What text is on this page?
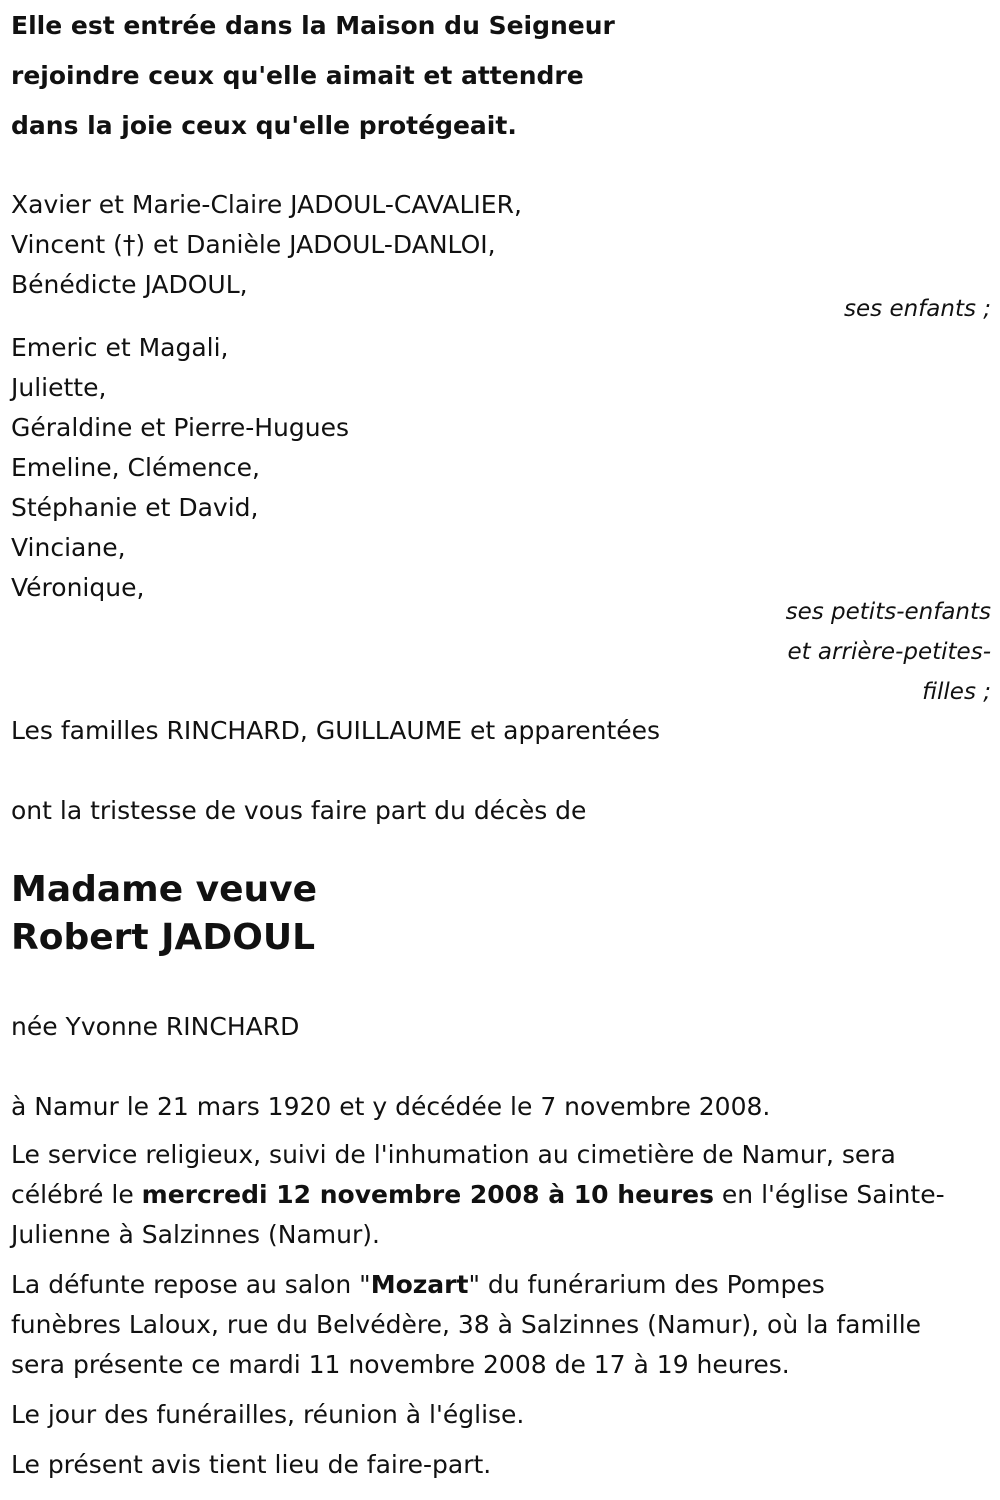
Elle est entrée dans la Maison du Seigneur
rejoindre ceux qu'elle aimait et attendre
dans la joie ceux qu'elle protégeait.
Xavier et Marie-Claire JADOUL-CAVALIER,
Vincent (†) et Danièle JADOUL-DANLOI,
Bénédicte JADOUL,
ses enfants ;
Emeric et Magali,
Juliette,
Géraldine et Pierre-Hugues
Emeline, Clémence,
Stéphanie et David,
Vinciane,
Véronique,
ses petits-enfants
et arrière-petites-
filles ;
Les familles RINCHARD, GUILLAUME et apparentées
ont la tristesse de vous faire part du décès de
Madame veuve
Robert JADOUL
née Yvonne RINCHARD
à Namur le 21 mars 1920 et y décédée le 7 novembre 2008.
Le service religieux, suivi de l'inhumation au cimetière de Namur, sera
célébré le mercredi 12 novembre 2008 à 10 heures en l'église Sainte-
Julienne à Salzinnes (Namur).
La défunte repose au salon "Mozart" du funérarium des Pompes
funèbres Laloux, rue du Belvédère, 38 à Salzinnes (Namur), où la famille
sera présente ce mardi 11 novembre 2008 de 17 à 19 heures.
Le jour des funérailles, réunion à l'église.
Le présent avis tient lieu de faire-part.
